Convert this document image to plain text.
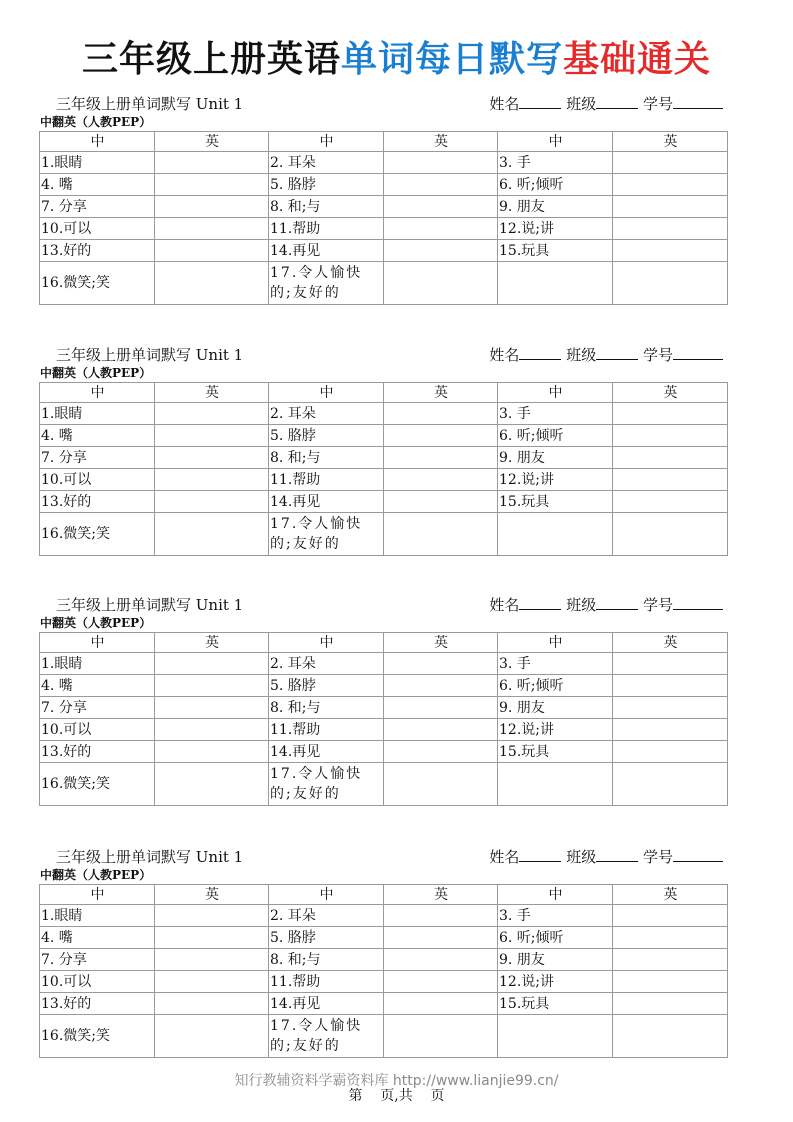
三年级上册英语单词每日默写基础通关
三年级上册单词默写 Unit 1	姓名	班级	学号
中翻英（人教PEP）
中	英	中	英	中	英
1.眼睛		2. 耳朵		3. 手	
4. 嘴		5. 胳脖		6. 听;倾听	
7. 分享		8. 和;与		9. 朋友	
10.可以		11.帮助		12.说;讲	
13.好的		14.再见		15.玩具	
16.微笑;笑		17.令人愉快的;友好的			
三年级上册单词默写 Unit 1	姓名	班级	学号
中翻英（人教PEP）
中	英	中	英	中	英
1.眼睛		2. 耳朵		3. 手	
4. 嘴		5. 胳脖		6. 听;倾听	
7. 分享		8. 和;与		9. 朋友	
10.可以		11.帮助		12.说;讲	
13.好的		14.再见		15.玩具	
16.微笑;笑		17.令人愉快的;友好的			
三年级上册单词默写 Unit 1	姓名	班级	学号
中翻英（人教PEP）
中	英	中	英	中	英
1.眼睛		2. 耳朵		3. 手	
4. 嘴		5. 胳脖		6. 听;倾听	
7. 分享		8. 和;与		9. 朋友	
10.可以		11.帮助		12.说;讲	
13.好的		14.再见		15.玩具	
16.微笑;笑		17.令人愉快的;友好的			
三年级上册单词默写 Unit 1	姓名	班级	学号
中翻英（人教PEP）
中	英	中	英	中	英
1.眼睛		2. 耳朵		3. 手	
4. 嘴		5. 胳脖		6. 听;倾听	
7. 分享		8. 和;与		9. 朋友	
10.可以		11.帮助		12.说;讲	
13.好的		14.再见		15.玩具	
16.微笑;笑		17.令人愉快的;友好的			
知行教辅资料学霸资料库 http://www.lianjie99.cn/
第    页,共    页
